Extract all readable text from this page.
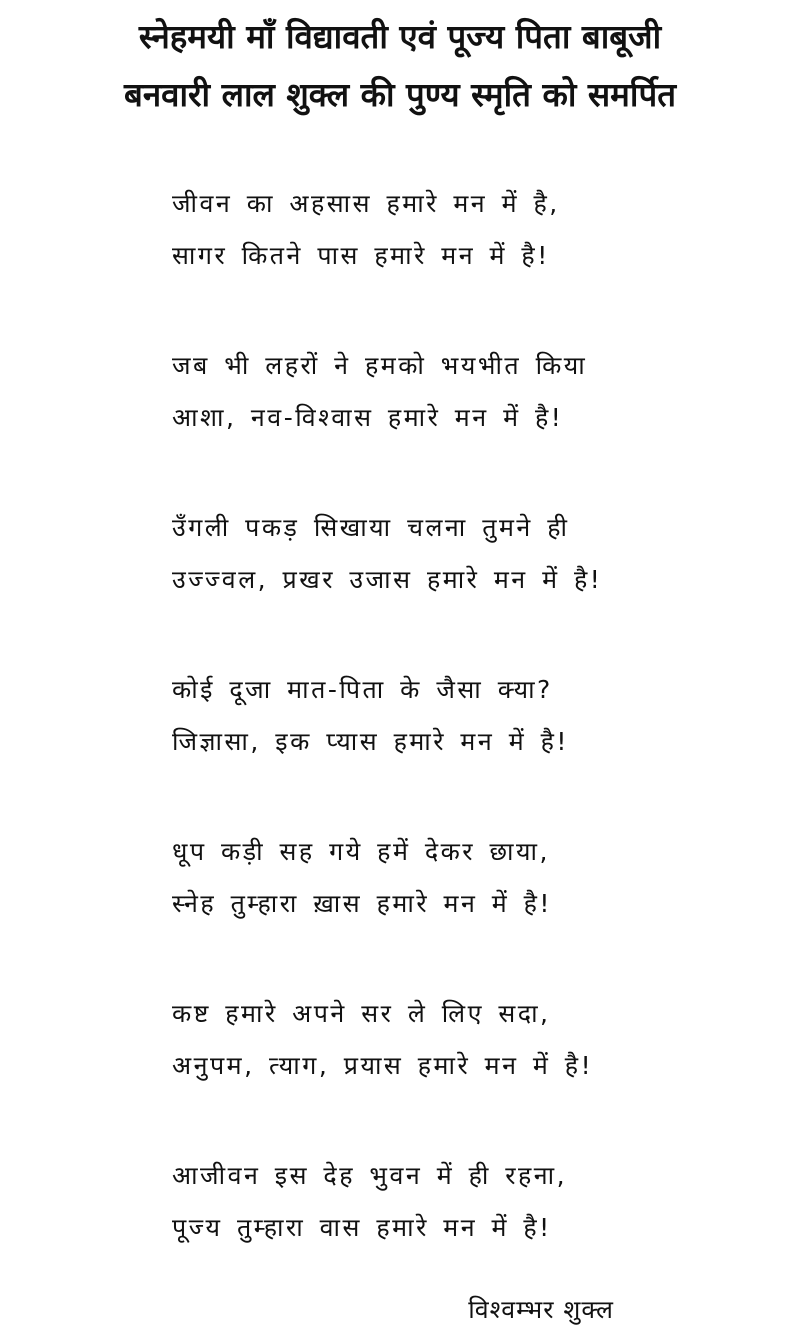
स्नेहमयी माँ विद्यावती एवं पूज्य पिता बाबूजी
बनवारी लाल शुक्ल की पुण्य स्मृति को समर्पित
जीवन का अहसास हमारे मन में है,
सागर कितने पास हमारे मन में है!
जब भी लहरों ने हमको भयभीत किया
आशा, नव-विश्वास हमारे मन में है!
उँगली पकड़ सिखाया चलना तुमने ही
उज्ज्वल, प्रखर उजास हमारे मन में है!
कोई दूजा मात-पिता के जैसा क्या?
जिज्ञासा, इक प्यास हमारे मन में है!
धूप कड़ी सह गये हमें देकर छाया,
स्नेह तुम्हारा ख़ास हमारे मन में है!
कष्ट हमारे अपने सर ले लिए सदा,
अनुपम, त्याग, प्रयास हमारे मन में है!
आजीवन इस देह भुवन में ही रहना,
पूज्य तुम्हारा वास हमारे मन में है!
विश्वम्भर शुक्ल
